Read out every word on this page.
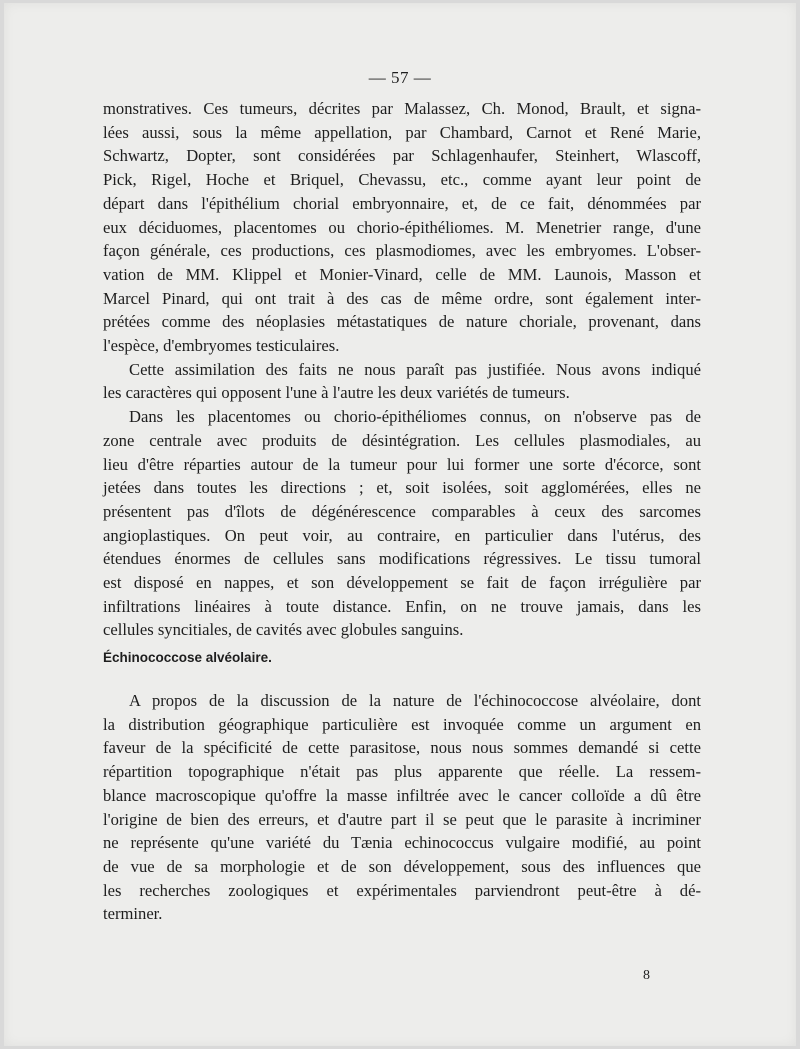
— 57 —
monstratives. Ces tumeurs, décrites par Malassez, Ch. Monod, Brault, et signa-
lées aussi, sous la même appellation, par Chambard, Carnot et René Marie,
Schwartz, Dopter, sont considérées par Schlagenhaufer, Steinhert, Wlascoff,
Pick, Rigel, Hoche et Briquel, Chevassu, etc., comme ayant leur point de
départ dans l'épithélium chorial embryonnaire, et, de ce fait, dénommées par
eux déciduomes, placentomes ou chorio-épithéliomes. M. Menetrier range, d'une
façon générale, ces productions, ces plasmodiomes, avec les embryomes. L'obser-
vation de MM. Klippel et Monier-Vinard, celle de MM. Launois, Masson et
Marcel Pinard, qui ont trait à des cas de même ordre, sont également inter-
prétées comme des néoplasies métastatiques de nature choriale, provenant, dans
l'espèce, d'embryomes testiculaires.
Cette assimilation des faits ne nous paraît pas justifiée. Nous avons indiqué
les caractères qui opposent l'une à l'autre les deux variétés de tumeurs.
Dans les placentomes ou chorio-épithéliomes connus, on n'observe pas de
zone centrale avec produits de désintégration. Les cellules plasmodiales, au
lieu d'être réparties autour de la tumeur pour lui former une sorte d'écorce, sont
jetées dans toutes les directions ; et, soit isolées, soit agglomérées, elles ne
présentent pas d'îlots de dégénérescence comparables à ceux des sarcomes
angioplastiques. On peut voir, au contraire, en particulier dans l'utérus, des
étendues énormes de cellules sans modifications régressives. Le tissu tumoral
est disposé en nappes, et son développement se fait de façon irrégulière par
infiltrations linéaires à toute distance. Enfin, on ne trouve jamais, dans les
cellules syncitiales, de cavités avec globules sanguins.
Échinococcose alvéolaire.
A propos de la discussion de la nature de l'échinococcose alvéolaire, dont
la distribution géographique particulière est invoquée comme un argument en
faveur de la spécificité de cette parasitose, nous nous sommes demandé si cette
répartition topographique n'était pas plus apparente que réelle. La ressem-
blance macroscopique qu'offre la masse infiltrée avec le cancer colloïde a dû être
l'origine de bien des erreurs, et d'autre part il se peut que le parasite à incriminer
ne représente qu'une variété du Tænia echinococcus vulgaire modifié, au point
de vue de sa morphologie et de son développement, sous des influences que
les recherches zoologiques et expérimentales parviendront peut-être à dé-
terminer.
8
